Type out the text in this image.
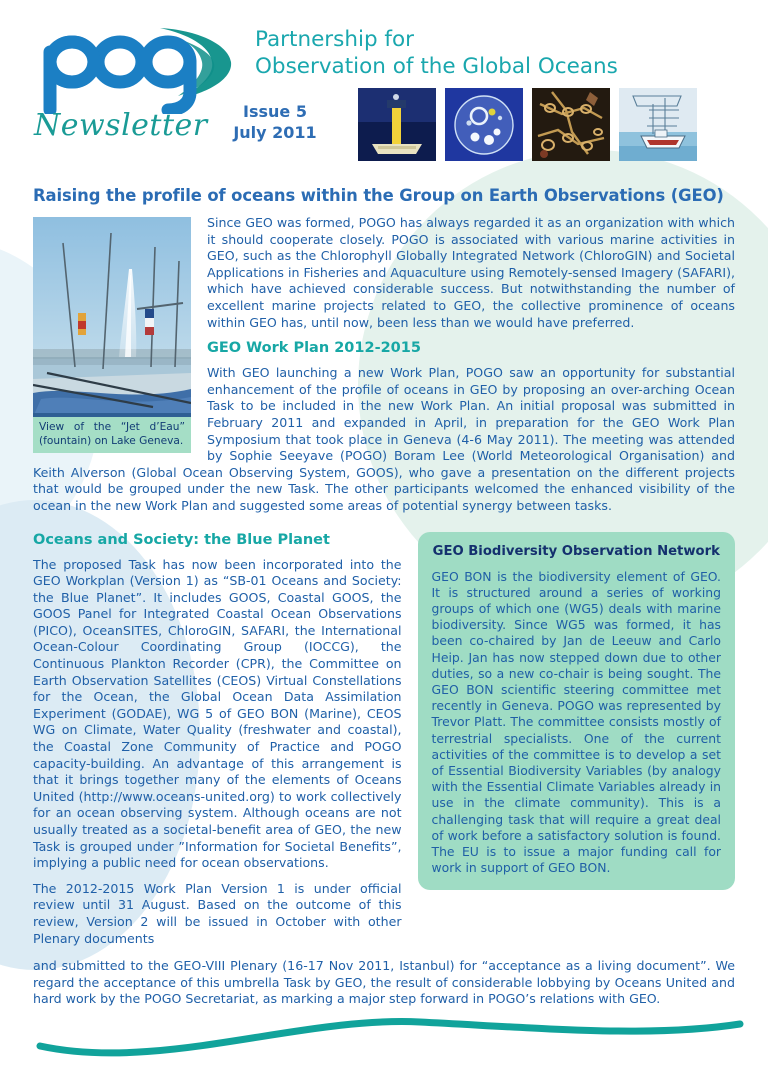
Newsletter
Partnership for
Observation of the Global Oceans
Issue 5
July 2011
Raising the profile of oceans within the Group on Earth Observations (GEO)
View of the “Jet d’Eau” (fountain) on Lake Geneva.

Since GEO was formed, POGO has always regarded it as an organization with which it should cooperate closely. POGO is associated with various marine activities in GEO, such as the Chlorophyll Globally Integrated Network (ChloroGIN) and Societal Applications in Fisheries and Aquaculture using Remotely-sensed Imagery (SAFARI), which have achieved considerable success. But notwithstanding the number of excellent marine projects related to GEO, the collective prominence of oceans within GEO has, until now, been less than we would have preferred.

GEO Work Plan 2012-2015

With GEO launching a new Work Plan, POGO saw an opportunity for substantial enhancement of the profile of oceans in GEO by proposing an over-arching Ocean Task to be included in the new Work Plan. An initial proposal was submitted in February 2011 and expanded in April, in preparation for the GEO Work Plan Symposium that took place in Geneva (4-6 May 2011). The meeting was attended by Sophie Seeyave (POGO) Boram Lee (World Meteorological Organisation) and Keith Alverson (Global Ocean Observing System, GOOS), who gave a presentation on the different projects that would be grouped under the new Task. The other participants welcomed the enhanced visibility of the ocean in the new Work Plan and suggested some areas of potential synergy between tasks.

Oceans and Society: the Blue Planet

The proposed Task has now been incorporated into the GEO Workplan (Version 1) as “SB-01 Oceans and Society: the Blue Planet”. It includes GOOS, Coastal GOOS, the GOOS Panel for Integrated Coastal Ocean Observations (PICO), OceanSITES, ChloroGIN, SAFARI, the International Ocean-Colour Coordinating Group (IOCCG), the Continuous Plankton Recorder (CPR), the Committee on Earth Observation Satellites (CEOS) Virtual Constellations for the Ocean, the Global Ocean Data Assimilation Experiment (GODAE), WG 5 of GEO BON (Marine), CEOS WG on Climate, Water Quality (freshwater and coastal), the Coastal Zone Community of Practice and POGO capacity-building. An advantage of this arrangement is that it brings together many of the elements of Oceans United (http://www.oceans-united.org) to work collectively for an ocean observing system. Although oceans are not usually treated as a societal-benefit area of GEO, the new Task is grouped under ”Information for Societal Benefits”, implying a public need for ocean observations.

The 2012-2015 Work Plan Version 1 is under official review until 31 August. Based on the outcome of this review, Version 2 will be issued in October with other Plenary documents

GEO Biodiversity Observation Network

GEO BON is the biodiversity element of GEO. It is structured around a series of working groups of which one (WG5) deals with marine biodiversity. Since WG5 was formed, it has been co-chaired by Jan de Leeuw and Carlo Heip. Jan has now stepped down due to other duties, so a new co-chair is being sought. The GEO BON scientific steering committee met recently in Geneva. POGO was represented by Trevor Platt. The committee consists mostly of terrestrial specialists. One of the current activities of the committee is to develop a set of Essential Biodiversity Variables (by analogy with the Essential Climate Variables already in use in the climate community). This is a challenging task that will require a great deal of work before a satisfactory solution is found. The EU is to issue a major funding call for work in support of GEO BON.

and submitted to the GEO-VIII Plenary (16-17 Nov 2011, Istanbul) for “acceptance as a living document”. We regard the acceptance of this umbrella Task by GEO, the result of considerable lobbying by Oceans United and hard work by the POGO Secretariat, as marking a major step forward in POGO’s relations with GEO.
